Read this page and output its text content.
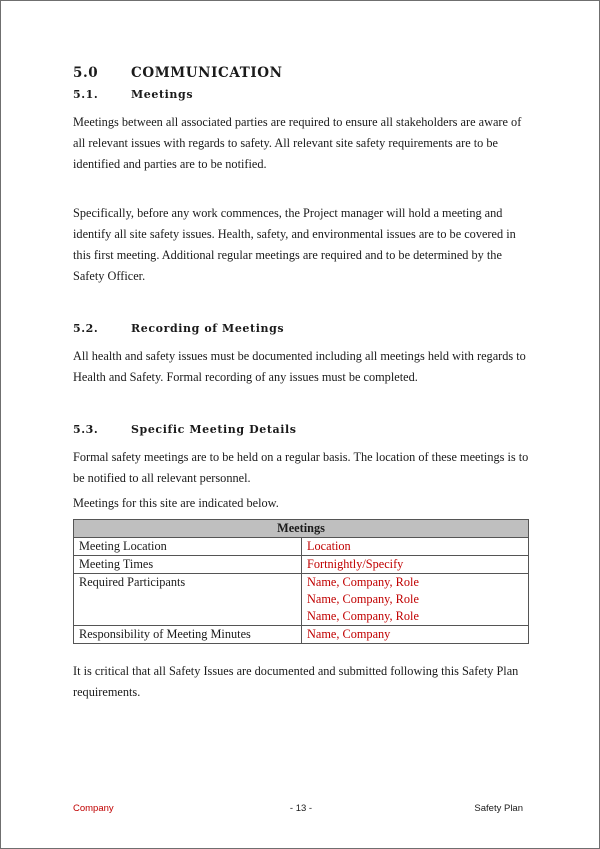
5.0 COMMUNICATION
5.1.	Meetings

Meetings between all associated parties are required to ensure all stakeholders are aware of all relevant issues with regards to safety. All relevant site safety requirements are to be identified and parties are to be notified.

Specifically, before any work commences, the Project manager will hold a meeting and identify all site safety issues. Health, safety, and environmental issues are to be covered in this first meeting. Additional regular meetings are required and to be determined by the Safety Officer.

5.2.	Recording of Meetings

All health and safety issues must be documented including all meetings held with regards to Health and Safety. Formal recording of any issues must be completed.

5.3.	Specific Meeting Details

Formal safety meetings are to be held on a regular basis. The location of these meetings is to be notified to all relevant personnel.

Meetings for this site are indicated below.

Meetings	
Meeting Location	Location
Meeting Times	Fortnightly/Specify
Required Participants	Name, Company, Role
Name, Company, Role
Name, Company, Role

Responsibility of Meeting Minutes	Name, Company

It is critical that all Safety Issues are documented and submitted following this Safety Plan requirements.

Company	- 13 -	Safety Plan
